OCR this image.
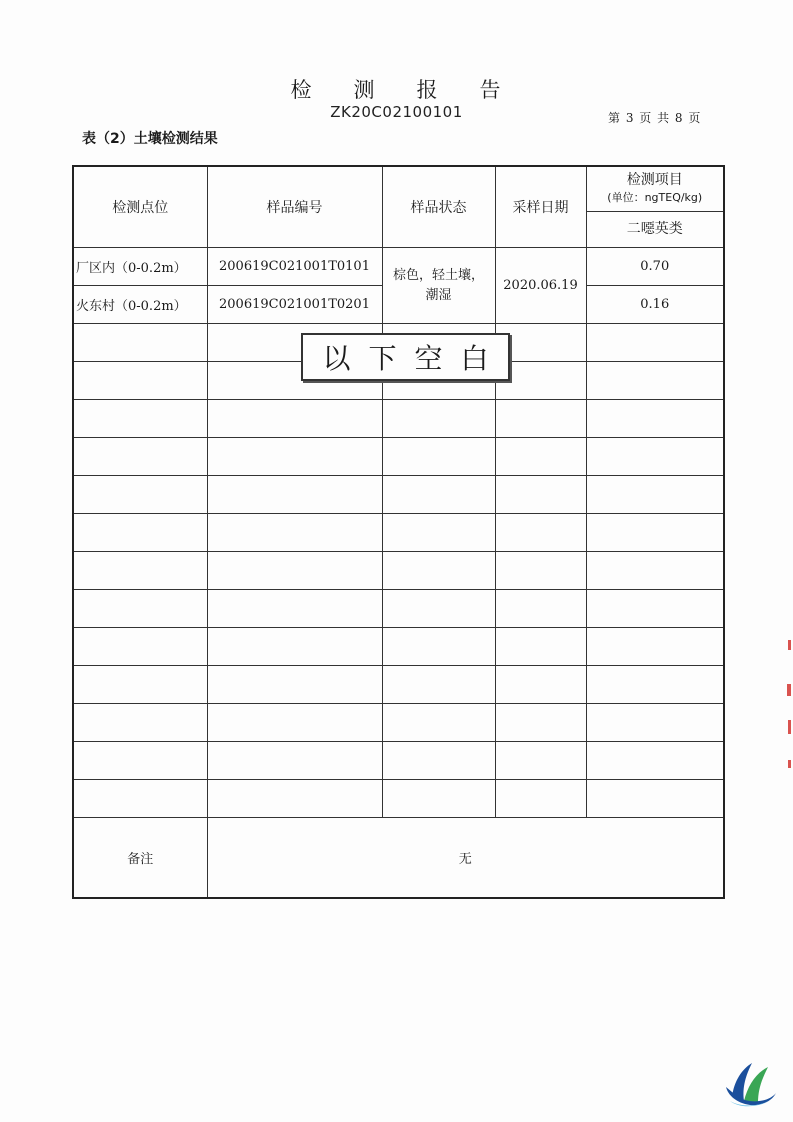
检 测 报 告
ZK20C02100101	第 3 页 共 8 页
表（2）土壤检测结果
检测点位	样品编号	样品状态	采样日期	检测项目
(单位：ngTEQ/kg)
二噁英类

厂区内（0-0.2m）	200619C021001T0101	棕色，轻土壤，潮湿	2020.06.19	0.70
火东村（0-0.2m）	200619C021001T0201			0.16

备注	无			
以下空白
